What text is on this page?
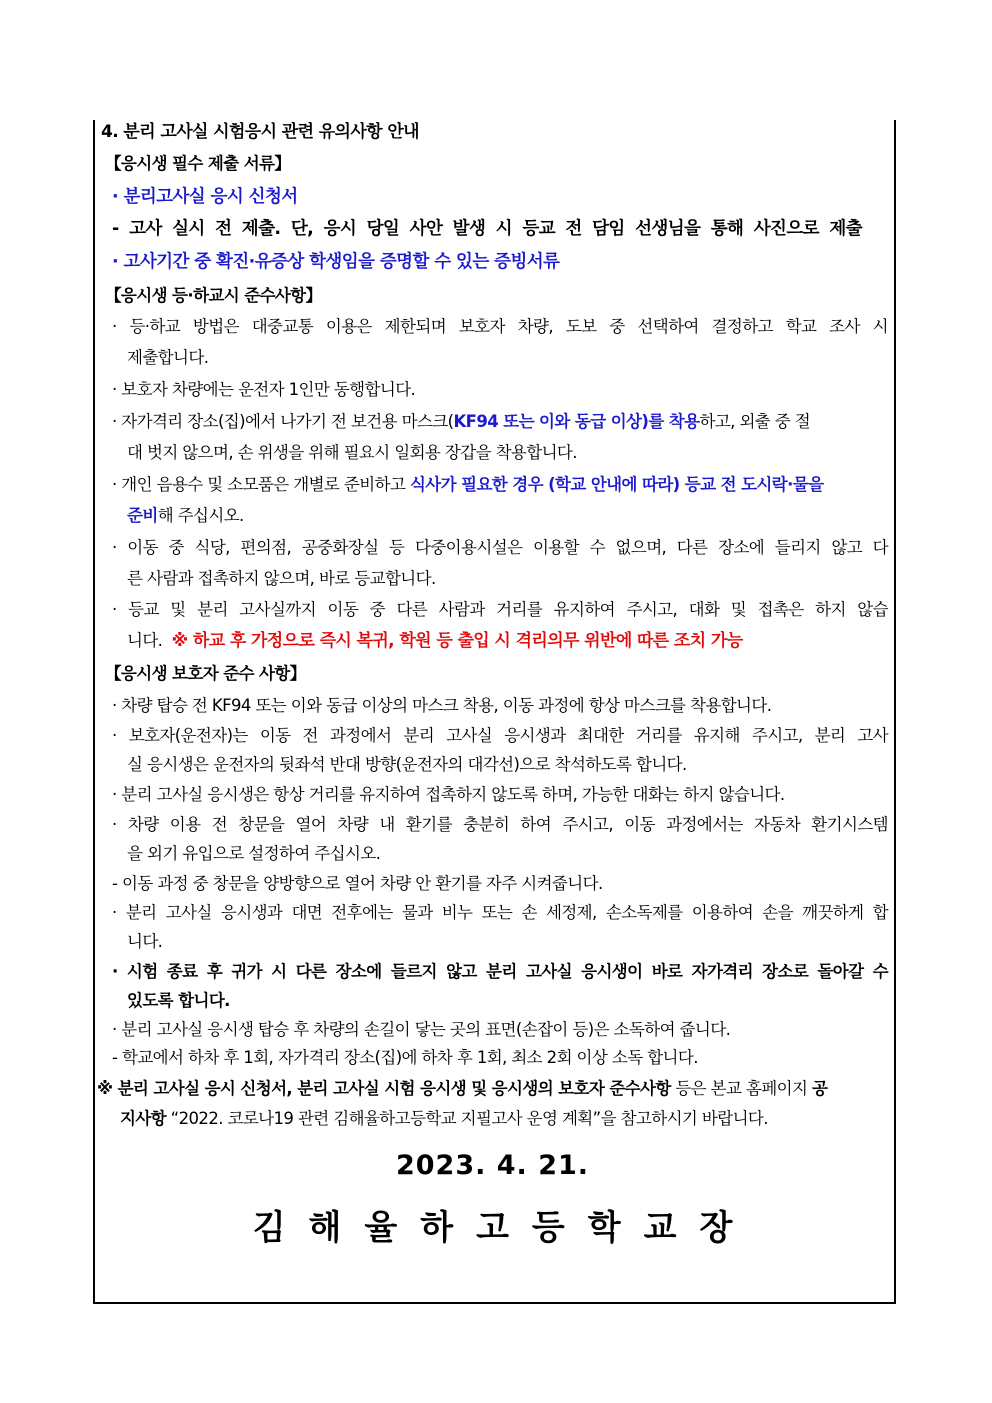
4. 분리 고사실 시험응시 관련 유의사항 안내
【응시생 필수 제출 서류】
· 분리고사실 응시 신청서
- 고사 실시 전 제출. 단, 응시 당일 사안 발생 시 등교 전 담임 선생님을 통해 사진으로 제출
· 고사기간 중 확진·유증상 학생임을 증명할 수 있는 증빙서류
【응시생 등·하교시 준수사항】
· 등·하교 방법은 대중교통 이용은 제한되며 보호자 차량, 도보 중 선택하여 결정하고 학교 조사 시
제출합니다.
· 보호자 차량에는 운전자 1인만 동행합니다.
· 자가격리 장소(집)에서 나가기 전 보건용 마스크(KF94 또는 이와 동급 이상)를 착용하고, 외출 중 절
대 벗지 않으며, 손 위생을 위해 필요시 일회용 장갑을 착용합니다.
· 개인 음용수 및 소모품은 개별로 준비하고 식사가 필요한 경우 (학교 안내에 따라) 등교 전 도시락·물을
준비해 주십시오.
· 이동 중 식당, 편의점, 공중화장실 등 다중이용시설은 이용할 수 없으며, 다른 장소에 들리지 않고 다
른 사람과 접촉하지 않으며, 바로 등교합니다.
· 등교 및 분리 고사실까지 이동 중 다른 사람과 거리를 유지하여 주시고, 대화 및 접촉은 하지 않습
니다. ※ 하교 후 가정으로 즉시 복귀, 학원 등 출입 시 격리의무 위반에 따른 조치 가능
【응시생 보호자 준수 사항】
· 차량 탑승 전 KF94 또는 이와 동급 이상의 마스크 착용, 이동 과정에 항상 마스크를 착용합니다.
· 보호자(운전자)는 이동 전 과정에서 분리 고사실 응시생과 최대한 거리를 유지해 주시고, 분리 고사
실 응시생은 운전자의 뒷좌석 반대 방향(운전자의 대각선)으로 착석하도록 합니다.
· 분리 고사실 응시생은 항상 거리를 유지하여 접촉하지 않도록 하며, 가능한 대화는 하지 않습니다.
· 차량 이용 전 창문을 열어 차량 내 환기를 충분히 하여 주시고, 이동 과정에서는 자동차 환기시스템
을 외기 유입으로 설정하여 주십시오.
- 이동 과정 중 창문을 양방향으로 열어 차량 안 환기를 자주 시켜줍니다.
· 분리 고사실 응시생과 대면 전후에는 물과 비누 또는 손 세정제, 손소독제를 이용하여 손을 깨끗하게 합
니다.
· 시험 종료 후 귀가 시 다른 장소에 들르지 않고 분리 고사실 응시생이 바로 자가격리 장소로 돌아갈 수
있도록 합니다.
· 분리 고사실 응시생 탑승 후 차량의 손길이 닿는 곳의 표면(손잡이 등)은 소독하여 줍니다.
- 학교에서 하차 후 1회, 자가격리 장소(집)에 하차 후 1회, 최소 2회 이상 소독 합니다.
※ 분리 고사실 응시 신청서, 분리 고사실 시험 응시생 및 응시생의 보호자 준수사항 등은 본교 홈페이지 공
지사항 “2022. 코로나19 관련 김해율하고등학교 지필고사 운영 계획”을 참고하시기 바랍니다.
2023. 4. 21.
김해율하고등학교장
